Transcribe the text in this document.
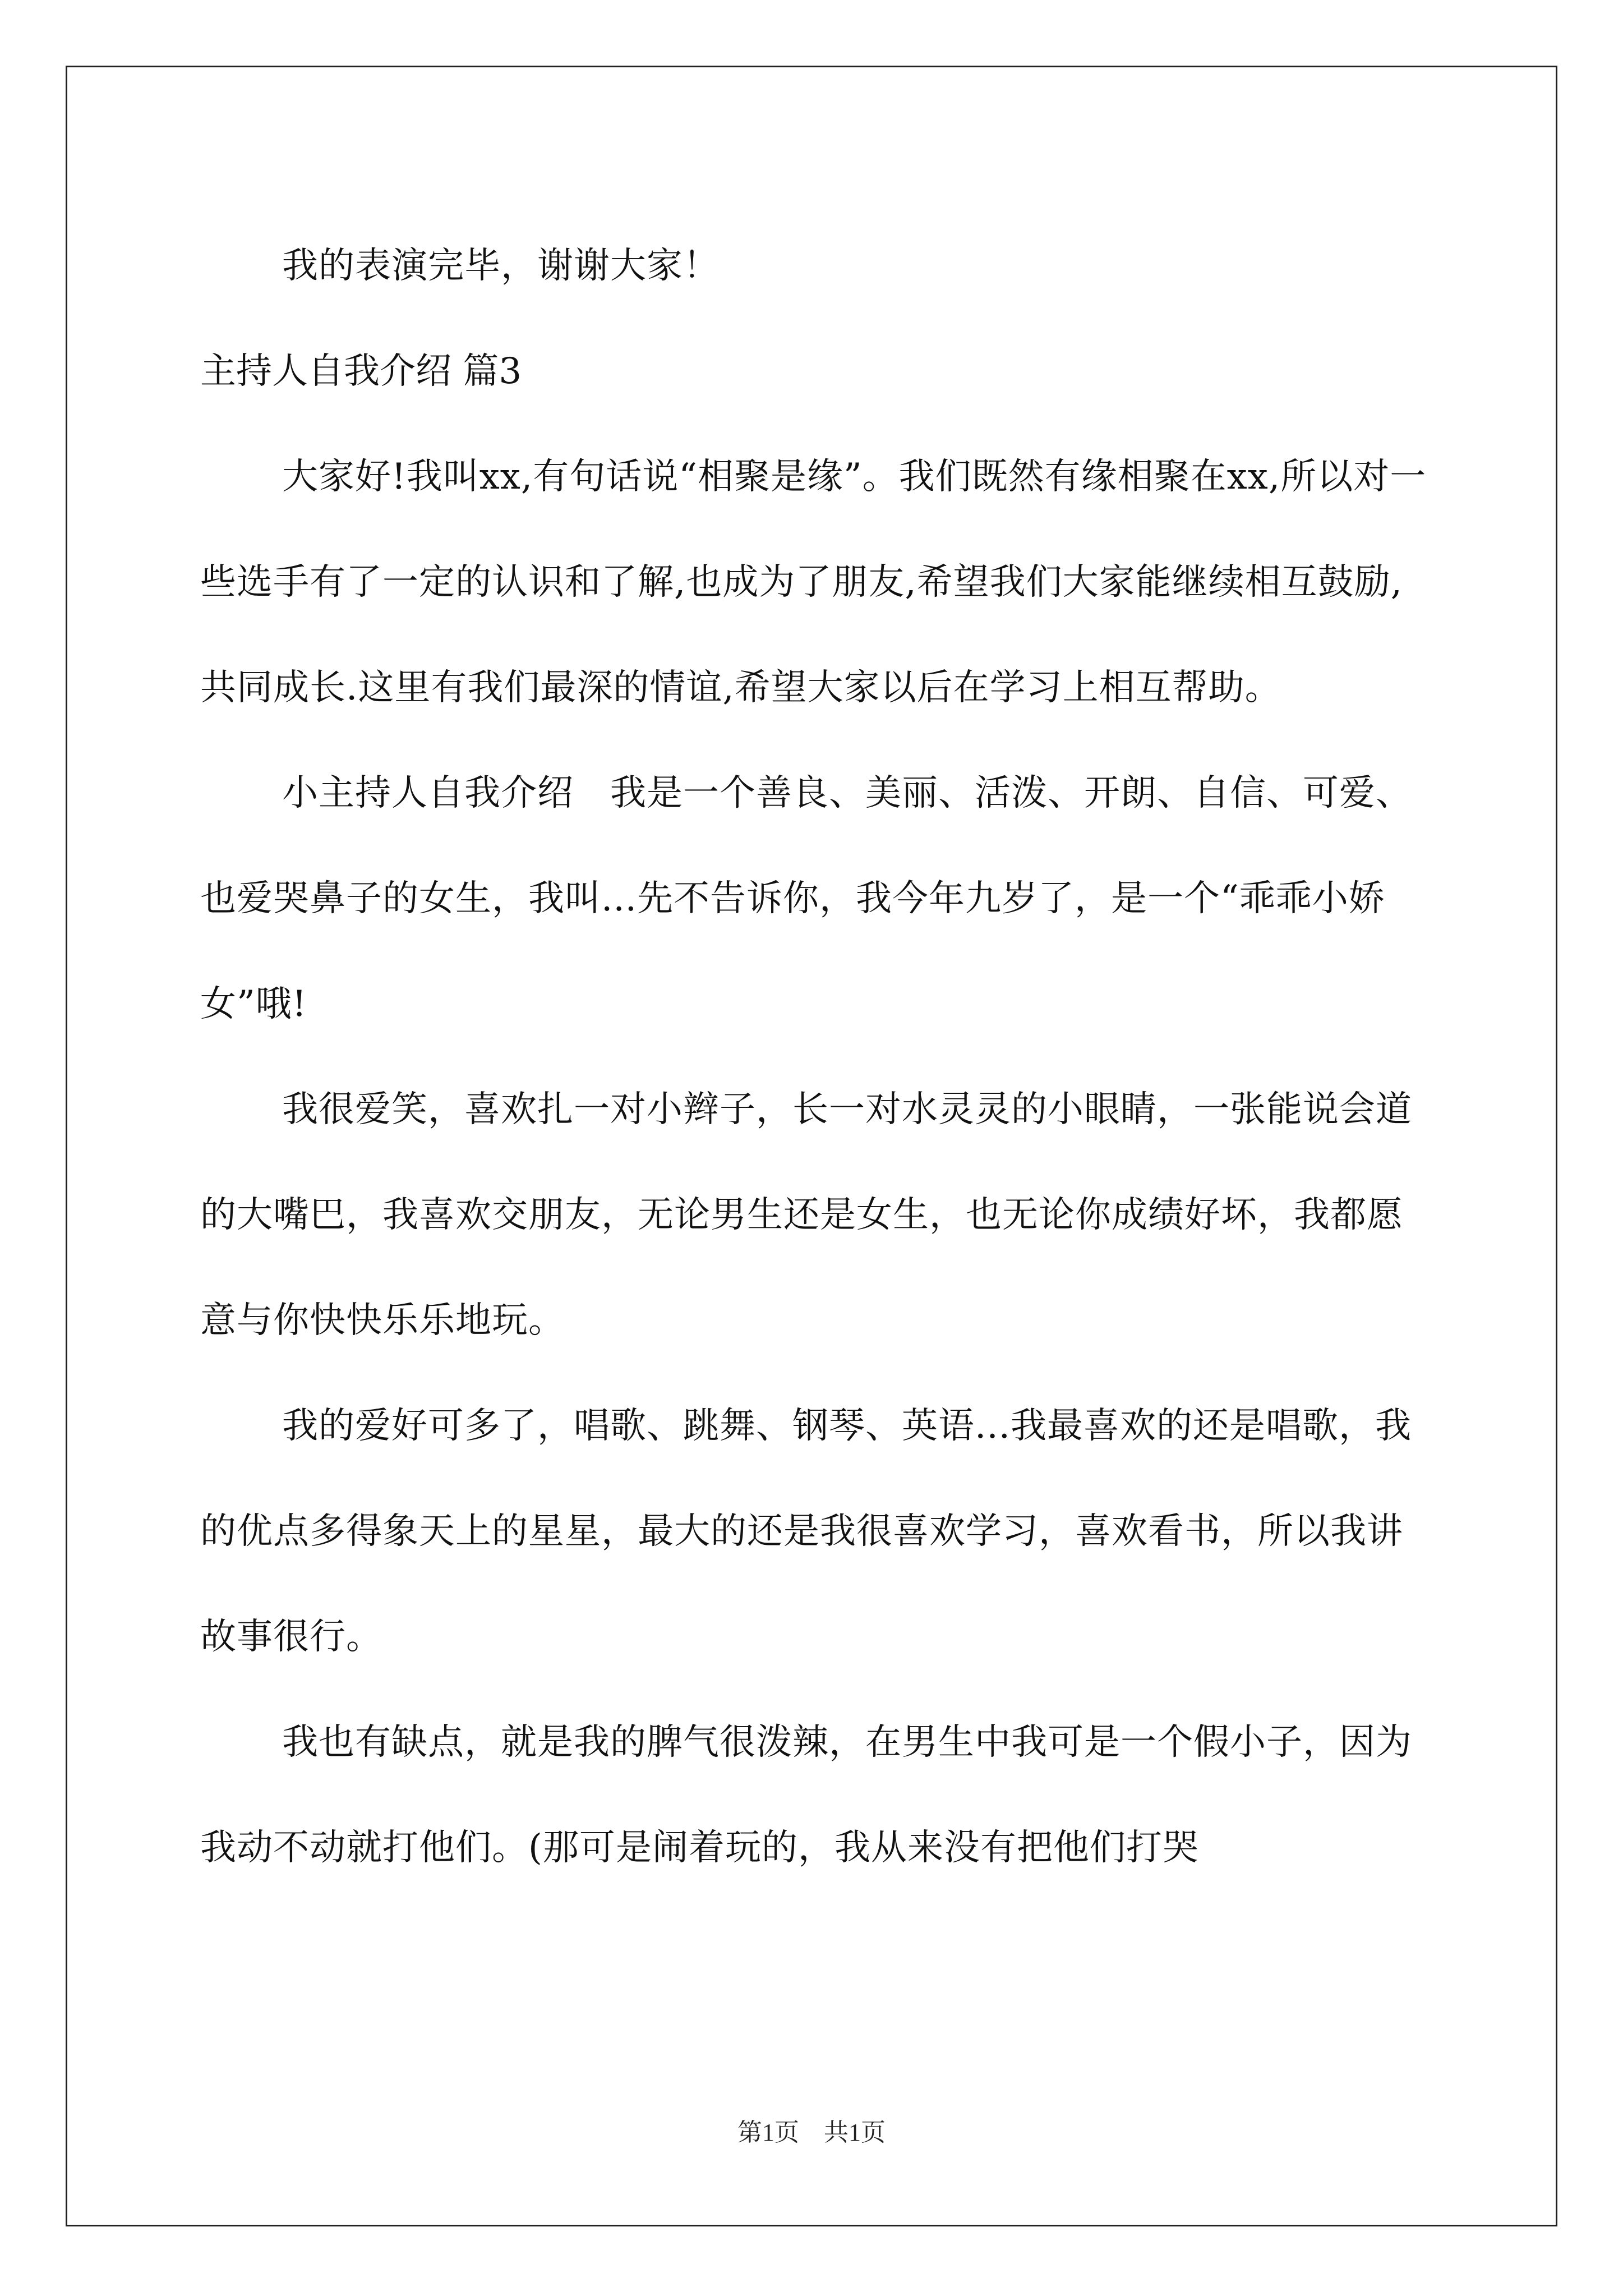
我的表演完毕，谢谢大家！

主持人自我介绍 篇3

大家好!我叫xx,有句话说“相聚是缘”。我们既然有缘相聚在xx,所以对一些选手有了一定的认识和了解,也成为了朋友,希望我们大家能继续相互鼓励,共同成长.这里有我们最深的情谊,希望大家以后在学习上相互帮助。

小主持人自我介绍　我是一个善良、美丽、活泼、开朗、自信、可爱、也爱哭鼻子的女生，我叫...先不告诉你，我今年九岁了，是一个“乖乖小娇女”哦!

我很爱笑，喜欢扎一对小辫子，长一对水灵灵的小眼睛，一张能说会道的大嘴巴，我喜欢交朋友，无论男生还是女生，也无论你成绩好坏，我都愿意与你快快乐乐地玩。

我的爱好可多了，唱歌、跳舞、钢琴、英语...我最喜欢的还是唱歌，我的优点多得象天上的星星，最大的还是我很喜欢学习，喜欢看书，所以我讲故事很行。

我也有缺点，就是我的脾气很泼辣，在男生中我可是一个假小子，因为我动不动就打他们。(那可是闹着玩的，我从来没有把他们打哭

第1页　共1页
